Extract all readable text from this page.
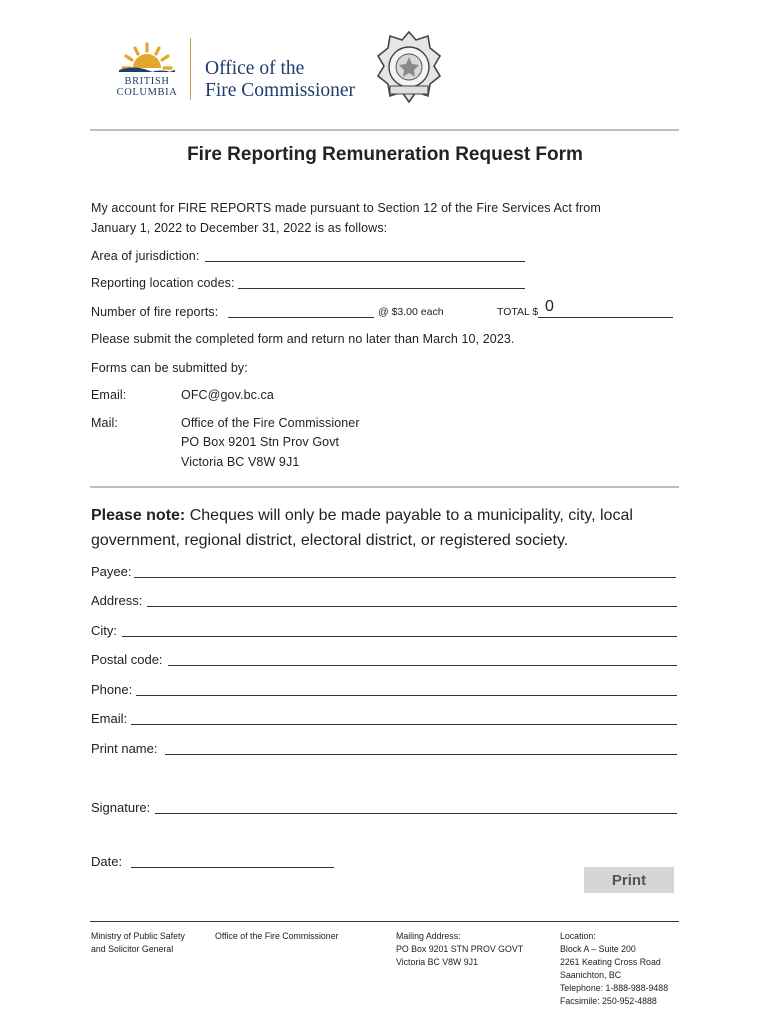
BRITISH
COLUMBIA
Office of the
Fire Commissioner
Fire Reporting Remuneration Request Form
My account for FIRE REPORTS made pursuant to Section 12 of the Fire Services Act from
January 1, 2022 to December 31, 2022 is as follows:
Area of jurisdiction:
Reporting location codes:
Number of fire reports:	@ $3.00 each	TOTAL $ 0
Please submit the completed form and return no later than March 10, 2023.
Forms can be submitted by:
Email:	OFC@gov.bc.ca
Mail:	Office of the Fire Commissioner
PO Box 9201 Stn Prov Govt
Victoria BC V8W 9J1
Please note: Cheques will only be made payable to a municipality, city, local
government, regional district, electoral district, or registered society.
Payee:
Address:
City:
Postal code:
Phone:
Email:
Print name:
Signature:
Date:
Print
Ministry of Public Safety
and Solicitor General
Office of the Fire Commissioner	Mailing Address:
PO Box 9201 STN PROV GOVT
Victoria BC V8W 9J1
Location:
Block A – Suite 200
2261 Keating Cross Road
Saanichton, BC
Telephone: 1-888-988-9488
Facsimile: 250-952-4888
